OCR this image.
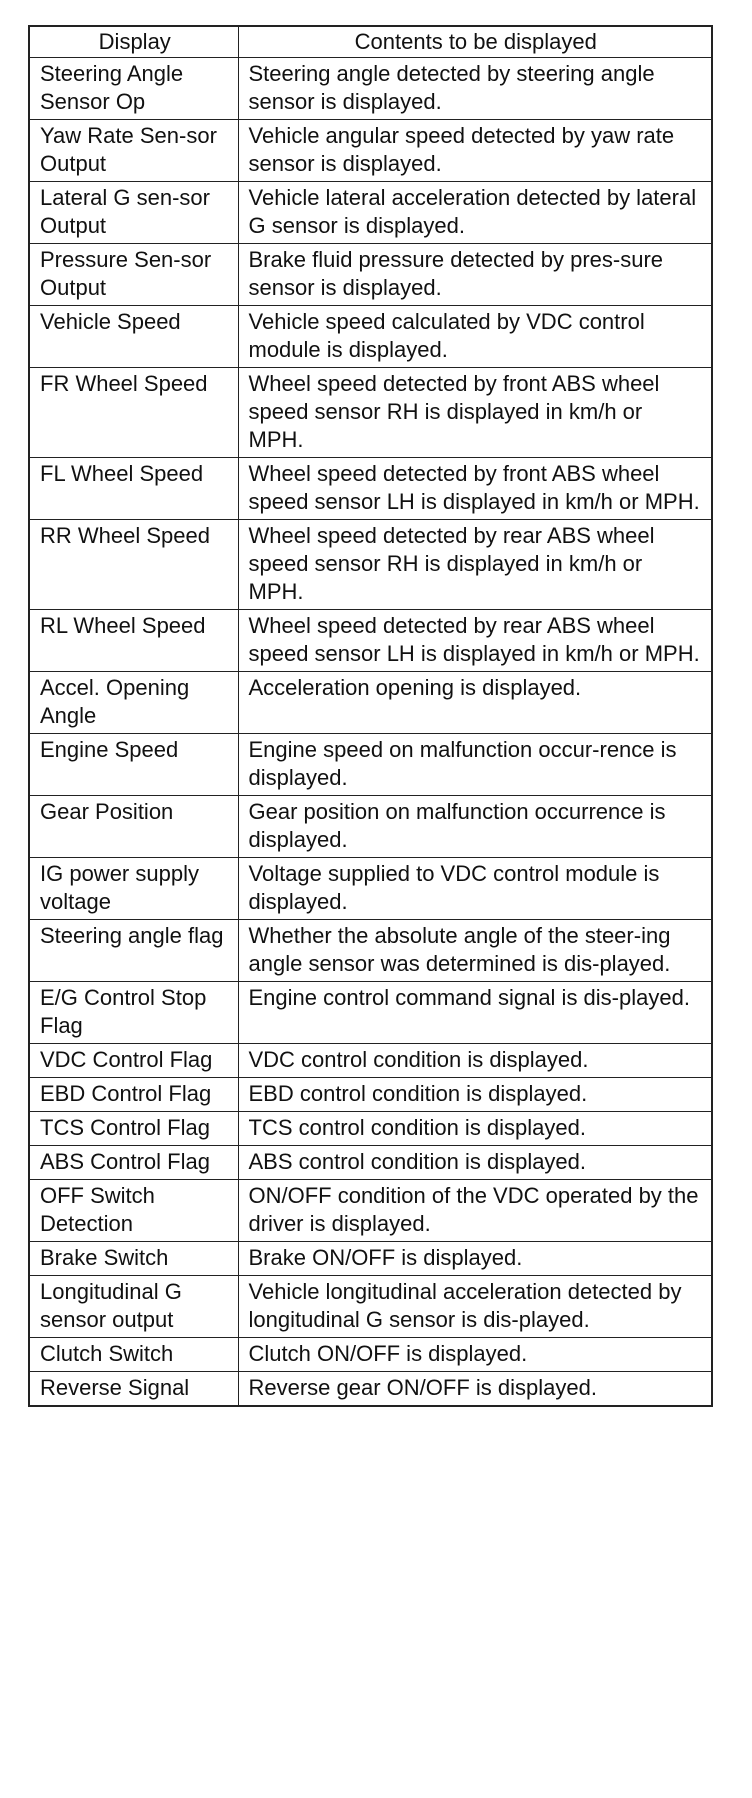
Display	Contents to be displayed
Steering Angle Sensor Op	Steering angle detected by steering angle sensor is displayed.
Yaw Rate Sen-sor Output	Vehicle angular speed detected by yaw rate sensor is displayed.
Lateral G sen-sor Output	Vehicle lateral acceleration detected by lateral G sensor is displayed.
Pressure Sen-sor Output	Brake fluid pressure detected by pres-sure sensor is displayed.
Vehicle Speed	Vehicle speed calculated by VDC control module is displayed.
FR Wheel Speed	Wheel speed detected by front ABS wheel speed sensor RH is displayed in km/h or MPH.
FL Wheel Speed	Wheel speed detected by front ABS wheel speed sensor LH is displayed in km/h or MPH.
RR Wheel Speed	Wheel speed detected by rear ABS wheel speed sensor RH is displayed in km/h or MPH.
RL Wheel Speed	Wheel speed detected by rear ABS wheel speed sensor LH is displayed in km/h or MPH.
Accel. Opening Angle	Acceleration opening is displayed.
Engine Speed	Engine speed on malfunction occur-rence is displayed.
Gear Position	Gear position on malfunction occurrence is displayed.
IG power supply voltage	Voltage supplied to VDC control module is displayed.
Steering angle flag	Whether the absolute angle of the steer-ing angle sensor was determined is dis-played.
E/G Control Stop Flag	Engine control command signal is dis-played.
VDC Control Flag	VDC control condition is displayed.
EBD Control Flag	EBD control condition is displayed.
TCS Control Flag	TCS control condition is displayed.
ABS Control Flag	ABS control condition is displayed.
OFF Switch Detection	ON/OFF condition of the VDC operated by the driver is displayed.
Brake Switch	Brake ON/OFF is displayed.
Longitudinal G sensor output	Vehicle longitudinal acceleration detected by longitudinal G sensor is dis-played.
Clutch Switch	Clutch ON/OFF is displayed.
Reverse Signal	Reverse gear ON/OFF is displayed.
